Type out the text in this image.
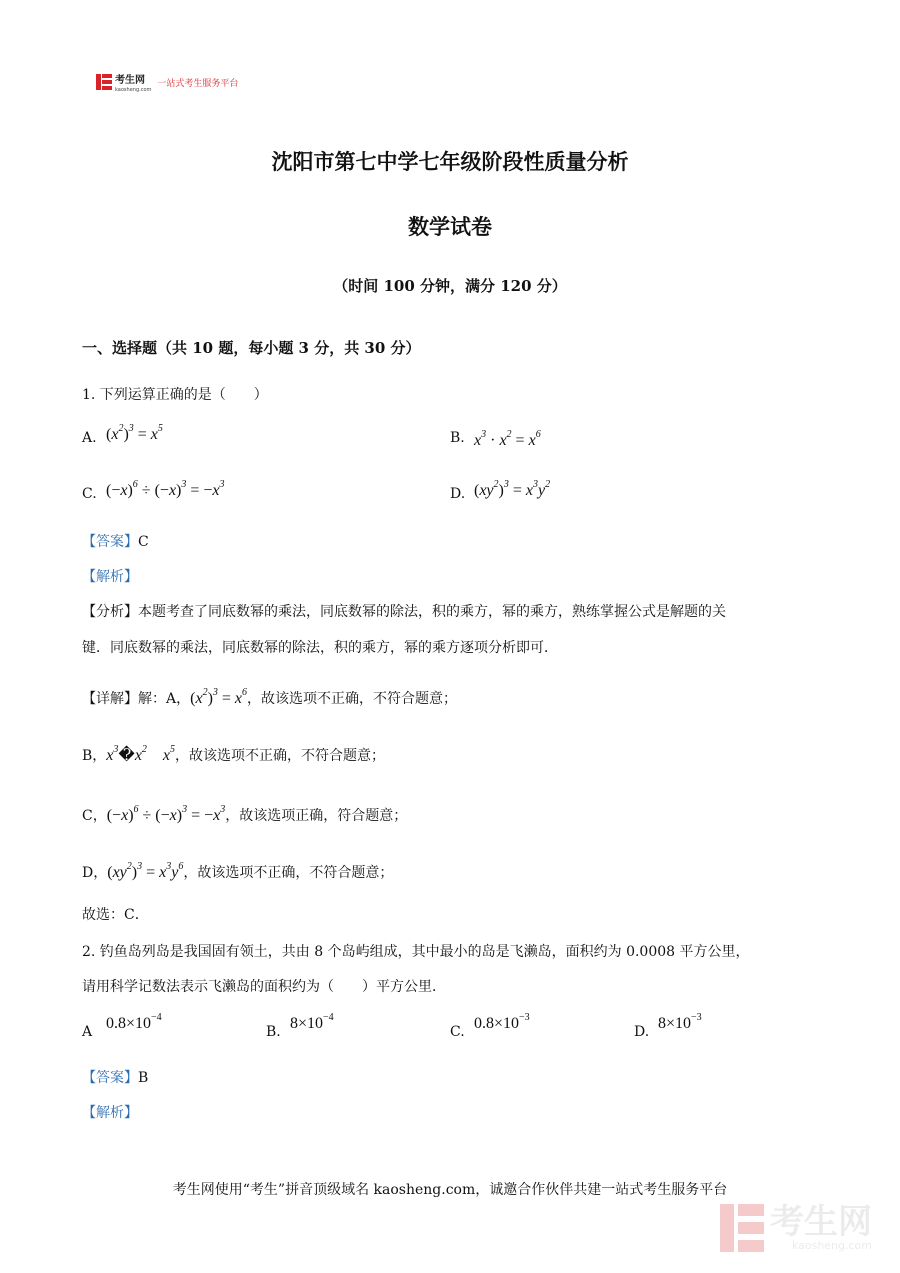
考生网
kaosheng.com
一站式考生服务平台
沈阳市第七中学七年级阶段性质量分析
数学试卷
（时间 100 分钟，满分 120 分）
一、选择题（共 10 题，每小题 3 分，共 30 分）
1. 下列运算正确的是（　　）
A. $(x^2)^3 = x^5$
B. $x^3 \cdot x^2 = x^6$
C. $(-x)^6 \div (-x)^3 = -x^3$
D. $(xy^2)^3 = x^3y^2$
【答案】C
【解析】
【分析】本题考查了同底数幂的乘法，同底数幂的除法，积的乘方，幂的乘方，熟练掌握公式是解题的关
键．同底数幂的乘法，同底数幂的除法，积的乘方，幂的乘方逐项分析即可．
【详解】解：A，$(x^2)^3 = x^6$，故该选项不正确，不符合题意；
B，$x^3�x^2$    $x^5$，故该选项不正确，不符合题意；
C，$(-x)^6 \div (-x)^3 = -x^3$，故该选项正确，符合题意；
D，$(xy^2)^3 = x^3y^6$，故该选项不正确，不符合题意；
故选：C．
2. 钓鱼岛列岛是我国固有领土，共由 8 个岛屿组成，其中最小的岛是飞濑岛，面积约为 0.0008 平方公里，
请用科学记数法表示飞濑岛的面积约为（　　）平方公里．
A $0.8\times 10^{-4}$
B. $8\times 10^{-4}$
C. $0.8\times 10^{-3}$
D. $8\times 10^{-3}$
【答案】B
【解析】
考生网使用“考生”拼音顶级域名 kaosheng.com，诚邀合作伙伴共建一站式考生服务平台
考生网
kaosheng.com
